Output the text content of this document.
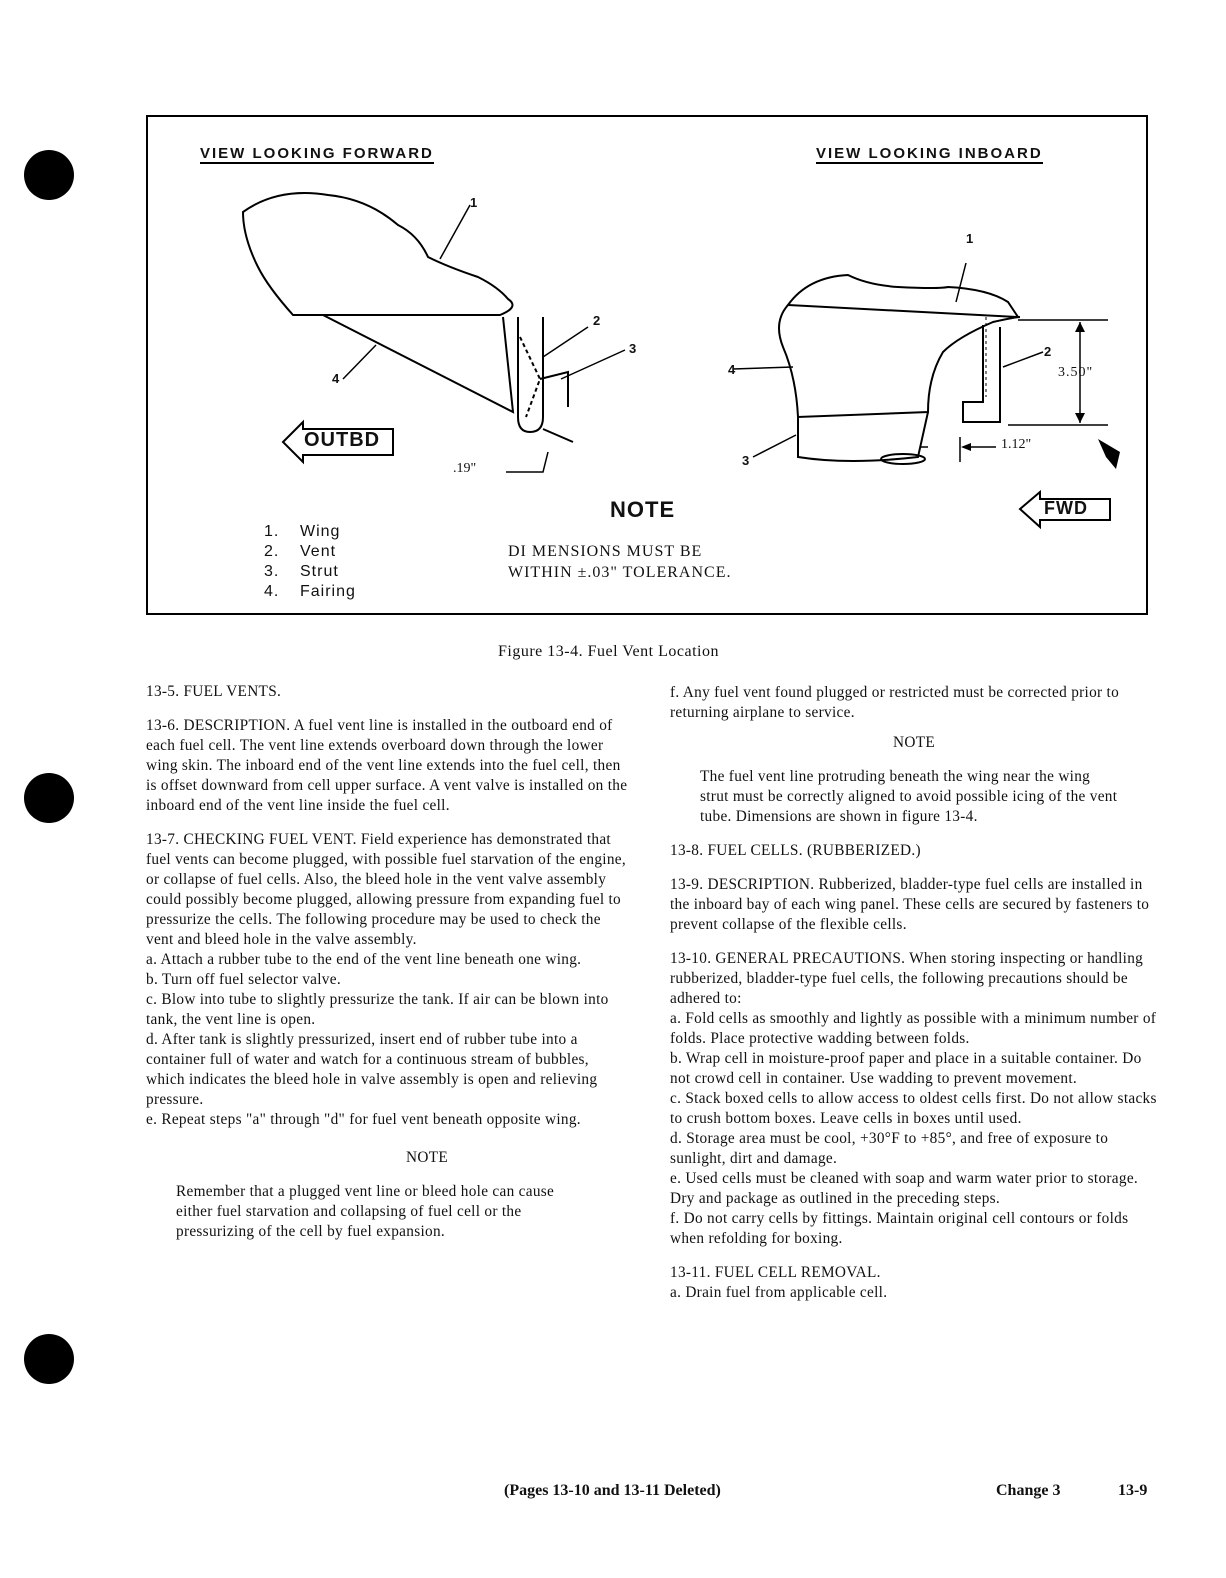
VIEW LOOKING FORWARD	VIEW LOOKING INBOARD
1
2
3
4
1
2
3
4
OUTBD
FWD
.19"
3.50"
1.12"
1. Wing
2. Vent
3. Strut
4. Fairing
NOTE
DI MENSIONS MUST BE
WITHIN ±.03" TOLERANCE.
Figure 13-4. Fuel Vent Location

13-5. FUEL VENTS.

13-6. DESCRIPTION. A fuel vent line is installed in the outboard end of each fuel cell. The vent line extends overboard down through the lower wing skin. The inboard end of the vent line extends into the fuel cell, then is offset downward from cell upper surface. A vent valve is installed on the inboard end of the vent line inside the fuel cell.

13-7. CHECKING FUEL VENT. Field experience has demonstrated that fuel vents can become plugged, with possible fuel starvation of the engine, or collapse of fuel cells. Also, the bleed hole in the vent valve assembly could possibly become plugged, allowing pressure from expanding fuel to pressurize the cells. The following procedure may be used to check the vent and bleed hole in the valve assembly.

a. Attach a rubber tube to the end of the vent line beneath one wing.

b. Turn off fuel selector valve.

c. Blow into tube to slightly pressurize the tank. If air can be blown into tank, the vent line is open.

d. After tank is slightly pressurized, insert end of rubber tube into a container full of water and watch for a continuous stream of bubbles, which indicates the bleed hole in valve assembly is open and relieving pressure.

e. Repeat steps "a" through "d" for fuel vent beneath opposite wing.

NOTE

Remember that a plugged vent line or bleed hole can cause either fuel starvation and collapsing of fuel cell or the pressurizing of the cell by fuel expansion.

f. Any fuel vent found plugged or restricted must be corrected prior to returning airplane to service.

NOTE

The fuel vent line protruding beneath the wing near the wing strut must be correctly aligned to avoid possible icing of the vent tube. Dimensions are shown in figure 13-4.

13-8. FUEL CELLS. (RUBBERIZED.)

13-9. DESCRIPTION. Rubberized, bladder-type fuel cells are installed in the inboard bay of each wing panel. These cells are secured by fasteners to prevent collapse of the flexible cells.

13-10. GENERAL PRECAUTIONS. When storing inspecting or handling rubberized, bladder-type fuel cells, the following precautions should be adhered to:

a. Fold cells as smoothly and lightly as possible with a minimum number of folds. Place protective wadding between folds.

b. Wrap cell in moisture-proof paper and place in a suitable container. Do not crowd cell in container. Use wadding to prevent movement.

c. Stack boxed cells to allow access to oldest cells first. Do not allow stacks to crush bottom boxes. Leave cells in boxes until used.

d. Storage area must be cool, +30°F to +85°, and free of exposure to sunlight, dirt and damage.

e. Used cells must be cleaned with soap and warm water prior to storage. Dry and package as outlined in the preceding steps.

f. Do not carry cells by fittings. Maintain original cell contours or folds when refolding for boxing.

13-11. FUEL CELL REMOVAL.

a. Drain fuel from applicable cell.

(Pages 13-10 and 13-11 Deleted)	Change 3	13-9
